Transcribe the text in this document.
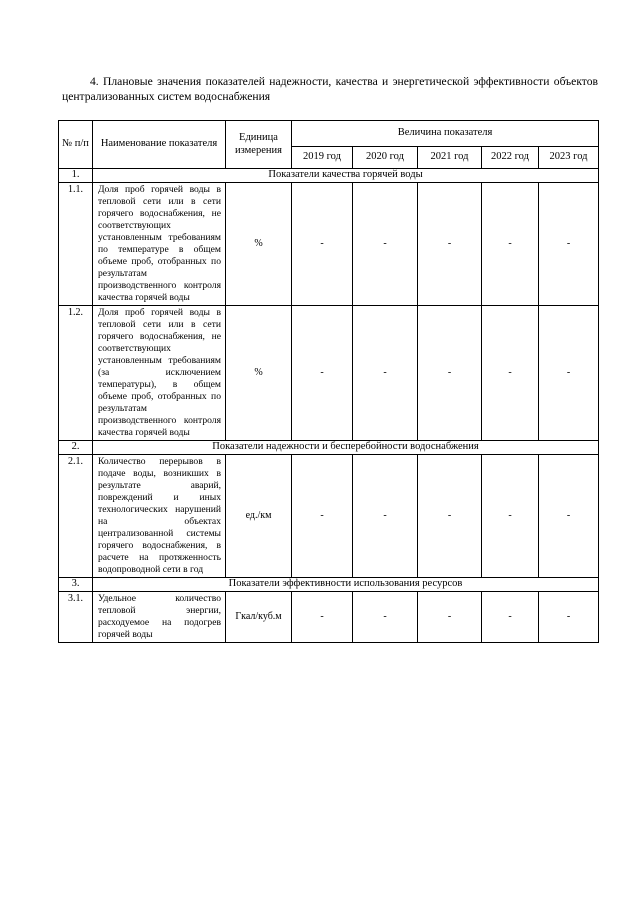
4. Плановые значения показателей надежности, качества и энергетической эффективности объектов централизованных систем водоснабжения
№ п/п	Наименование показателя	Единица измерения	Величина показателя				
			2019 год	2020 год	2021 год	2022 год	2023 год
1.	Показатели качества горячей воды						
1.1.	Доля проб горячей воды в тепловой сети или в сети горячего водоснабжения, не соответствующих установленным требованиям по температуре в общем объеме проб, отобранных по результатам производственного контроля качества горячей воды	%	-	-	-	-	-
1.2.	Доля проб горячей воды в тепловой сети или в сети горячего водоснабжения, не соответствующих установленным требованиям (за исключением температуры), в общем объеме проб, отобранных по результатам производственного контроля качества горячей воды	%	-	-	-	-	-
2.	Показатели надежности и бесперебойности водоснабжения						
2.1.	Количество перерывов в подаче воды, возникших в результате аварий, повреждений и иных технологических нарушений на объектах централизованной системы горячего водоснабжения, в расчете на протяженность водопроводной сети в год	ед./км	-	-	-	-	-
3.	Показатели эффективности использования ресурсов						
3.1.	Удельное количество тепловой энергии, расходуемое на подогрев горячей воды	Гкал/куб.м	-	-	-	-	-
